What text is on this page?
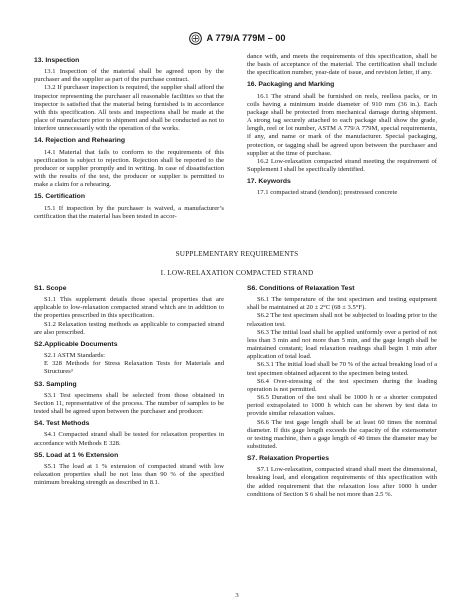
A 779/A 779M – 00
13. Inspection

13.1 Inspection of the material shall be agreed upon by the purchaser and the supplier as part of the purchase contract.

13.2 If purchaser inspection is required, the supplier shall afford the inspector representing the purchaser all reasonable facilities so that the inspector is satisfied that the material being furnished is in accordance with this specification. All tests and inspections shall be made at the place of manufacture prior to shipment and shall be conducted as not to interfere unnecessarily with the operation of the works.

14. Rejection and Rehearing

14.1 Material that fails to conform to the requirements of this specification is subject to rejection. Rejection shall be reported to the producer or supplier promptly and in writing. In case of dissatisfaction with the results of the test, the producer or supplier is permitted to make a claim for a rehearing.

15. Certification

15.1 If inspection by the purchaser is waived, a manufacturer’s certification that the material has been tested in accor-

dance with, and meets the requirements of this specification, shall be the basis of acceptance of the material. The certification shall include the specification number, year-date of issue, and revision letter, if any.

16. Packaging and Marking

16.1 The strand shall be furnished on reels, reelless packs, or in coils having a minimum inside diameter of 910 mm (36 in.). Each package shall be protected from mechanical damage during shipment. A strong tag securely attached to each package shall show the grade, length, reel or lot number, ASTM A 779/A 779M, special requirements, if any, and name or mark of the manufacturer. Special packaging, protection, or tagging shall be agreed upon between the purchaser and supplier at the time of purchase.

16.2 Low-relaxation compacted strand meeting the requirement of Supplement I shall be specifically identified.

17. Keywords

17.1 compacted strand (tendon); prestressed concrete

SUPPLEMENTARY REQUIREMENTS
I. LOW-RELAXATION COMPACTED STRAND
S1. Scope

S1.1 This supplement details those special properties that are applicable to low-relaxation compacted strand which are in addition to the properties prescribed in this specification.

S1.2 Relaxation testing methods as applicable to compacted strand are also prescribed.

S2.Applicable Documents

S2.1 ASTM Standards:

E 328 Methods for Stress Relaxation Tests for Materials and Structures³

S3. Sampling

S3.1 Test specimens shall be selected from those obtained in Section 11, representative of the process. The number of samples to be tested shall be agreed upon between the purchaser and producer.

S4. Test Methods

S4.1 Compacted strand shall be tested for relaxation properties in accordance with Methods E 328.

S5. Load at 1 % Extension

S5.1 The load at 1 % extension of compacted strand with low relaxation properties shall be not less than 90 % of the specified minimum breaking strength as described in 8.1.

S6. Conditions of Relaxation Test

S6.1 The temperature of the test specimen and testing equipment shall be maintained at 20 ± 2°C (68 ± 3.5°F).

S6.2 The test specimen shall not be subjected to loading prior to the relaxation test.

S6.3 The initial load shall be applied uniformly over a period of not less than 3 min and not more than 5 min, and the gage length shall be maintained constant; load relaxation readings shall begin 1 min after application of total load.

S6.3.1 The initial load shall be 70 % of the actual breaking load of a test specimen obtained adjacent to the specimen being tested.

S6.4 Over-stressing of the test specimen during the loading operation is not permitted.

S6.5 Duration of the test shall be 1000 h or a shorter computed period extrapolated to 1000 h which can be shown by test data to provide similar relaxation values.

S6.6 The test gage length shall be at least 60 times the nominal diameter. If this gage length exceeds the capacity of the extensometer or testing machine, then a gage length of 40 times the diameter may be substituted.

S7. Relaxation Properties

S7.1 Low-relaxation, compacted strand shall meet the dimensional, breaking load, and elongation requirements of this specification with the added requirement that the relaxation loss after 1000 h under conditions of Section S 6 shall be not more than 2.5 %.

3
